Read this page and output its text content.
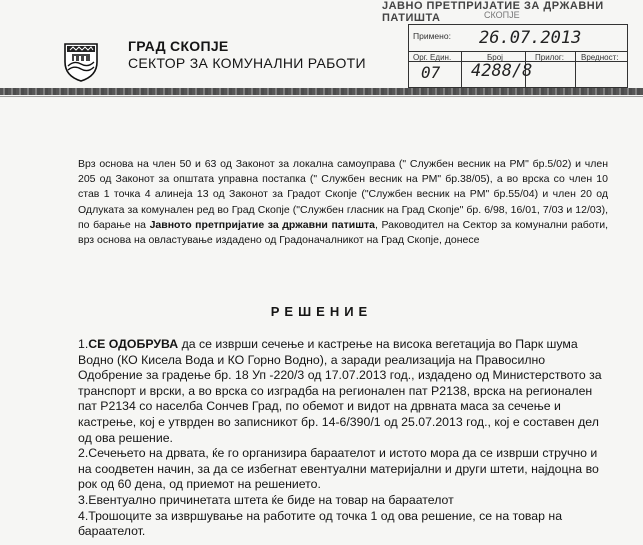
ГРАД СКОПЈЕ
СЕКТОР ЗА КОМУНАЛНИ РАБОТИ
JAВНO ПРЕТПРИЈАТИЕ ЗА ДРЖАВНИ ПАТИШТА	СКОПЈЕ
Примено: 26.07.2013
Орг. Един.	Број	Прилог: Вредност:
07 4288/8
Врз основа на член 50 и 63 од Законот за локална самоуправа (" Службен весник на РМ" бр.5/02) и член 205 од Законот за општата управна постапка (" Службен весник на РМ" бр.38/05), а во врска со член 10 став 1 точка 4 алинеја 13 од Законот за Градот Скопје ("Службен весник на РМ" бр.55/04) и член 20 од Одлуката за комунален ред во Град Скопје ("Службен гласник на Град Скопје" бр. 6/98, 16/01, 7/03 и 12/03), по барање на Јавното претпријатие за државни патишта, Раководител на Сектор за комунални работи, врз основа на овластување издадено од Градоначалникот на Град Скопје, донесе
РЕШЕНИЕ

1.СЕ ОДОБРУВА да се изврши сечење и кастрење на висока вегетација во Парк шума Водно (КО Кисела Вода и КО Горно Водно), а заради реализација на Правосилно Одобрение за градење бр. 18 Уп -220/3 од 17.07.2013 год., издадено од Министерството за транспорт и врски, а во врска со изградба на регионален пат Р2138, врска на регионален пат Р2134 со населба Сончев Град, по обемот и видот на дрвната маса за сечење и кастрење, кој е утврден во записникот бр. 14-6/390/1 од 25.07.2013 год., кој е составен дел од ова решение.

2.Сечењето на дрвата, ќе го организира бараателот и истото мора да се изврши стручно и на соодветен начин, за да се избегнат евентуални материјални и други штети, најдоцна во рок од 60 дена, од приемот на решението.

3.Евентуално причинетата штета ќе биде на товар на бараателот

4.Трошоците за извршување на работите од точка 1 од ова решение, се на товар на бараателот.
